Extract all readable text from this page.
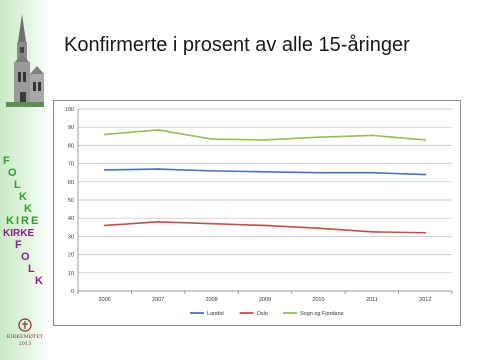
F
O
L
K
K I R
K
E
KIRKE
F
O
L
K
KIRKEMØTET
2013
Konfirmerte i prosent av alle 15-åringer
0
10
20
30
40
50
60
70
80
90
100
2006	2007	2008	2009	2010	2011	2012
Landet	Oslo	Sogn og Fjordane
